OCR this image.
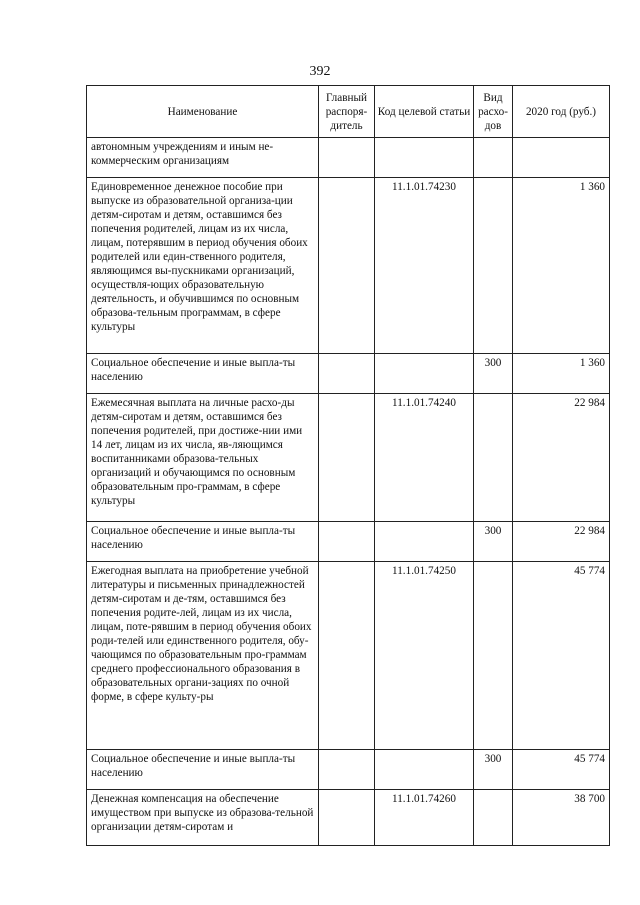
392
Наименование	Главный распоря-дитель	Код целевой статьи	Вид расхо-дов	2020 год (руб.)
автономным учреждениям и иным не-коммерческим организациям				
Единовременное денежное пособие при выпуске из образовательной организа-ции детям-сиротам и детям, оставшимся без попечения родителей, лицам из их числа, лицам, потерявшим в период обучения обоих родителей или един-ственного родителя, являющимся вы-пускниками организаций, осуществля-ющих образовательную деятельность, и обучившимся по основным образова-тельным программам, в сфере культуры		11.1.01.74230		1 360
Социальное обеспечение и иные выпла-ты населению			300	1 360
Ежемесячная выплата на личные расхо-ды детям-сиротам и детям, оставшимся без попечения родителей, при достиже-нии ими 14 лет, лицам из их числа, яв-ляющимся воспитанниками образова-тельных организаций и обучающимся по основным образовательным про-граммам, в сфере культуры		11.1.01.74240		22 984
Социальное обеспечение и иные выпла-ты населению			300	22 984
Ежегодная выплата на приобретение учебной литературы и письменных принадлежностей детям-сиротам и де-тям, оставшимся без попечения родите-лей, лицам из их числа, лицам, поте-рявшим в период обучения обоих роди-телей или единственного родителя, обу-чающимся по образовательным про-граммам среднего профессионального образования в образовательных органи-зациях по очной форме, в сфере культу-ры		11.1.01.74250		45 774
Социальное обеспечение и иные выпла-ты населению			300	45 774
Денежная компенсация на обеспечение имуществом при выпуске из образова-тельной организации детям-сиротам и		11.1.01.74260		38 700
